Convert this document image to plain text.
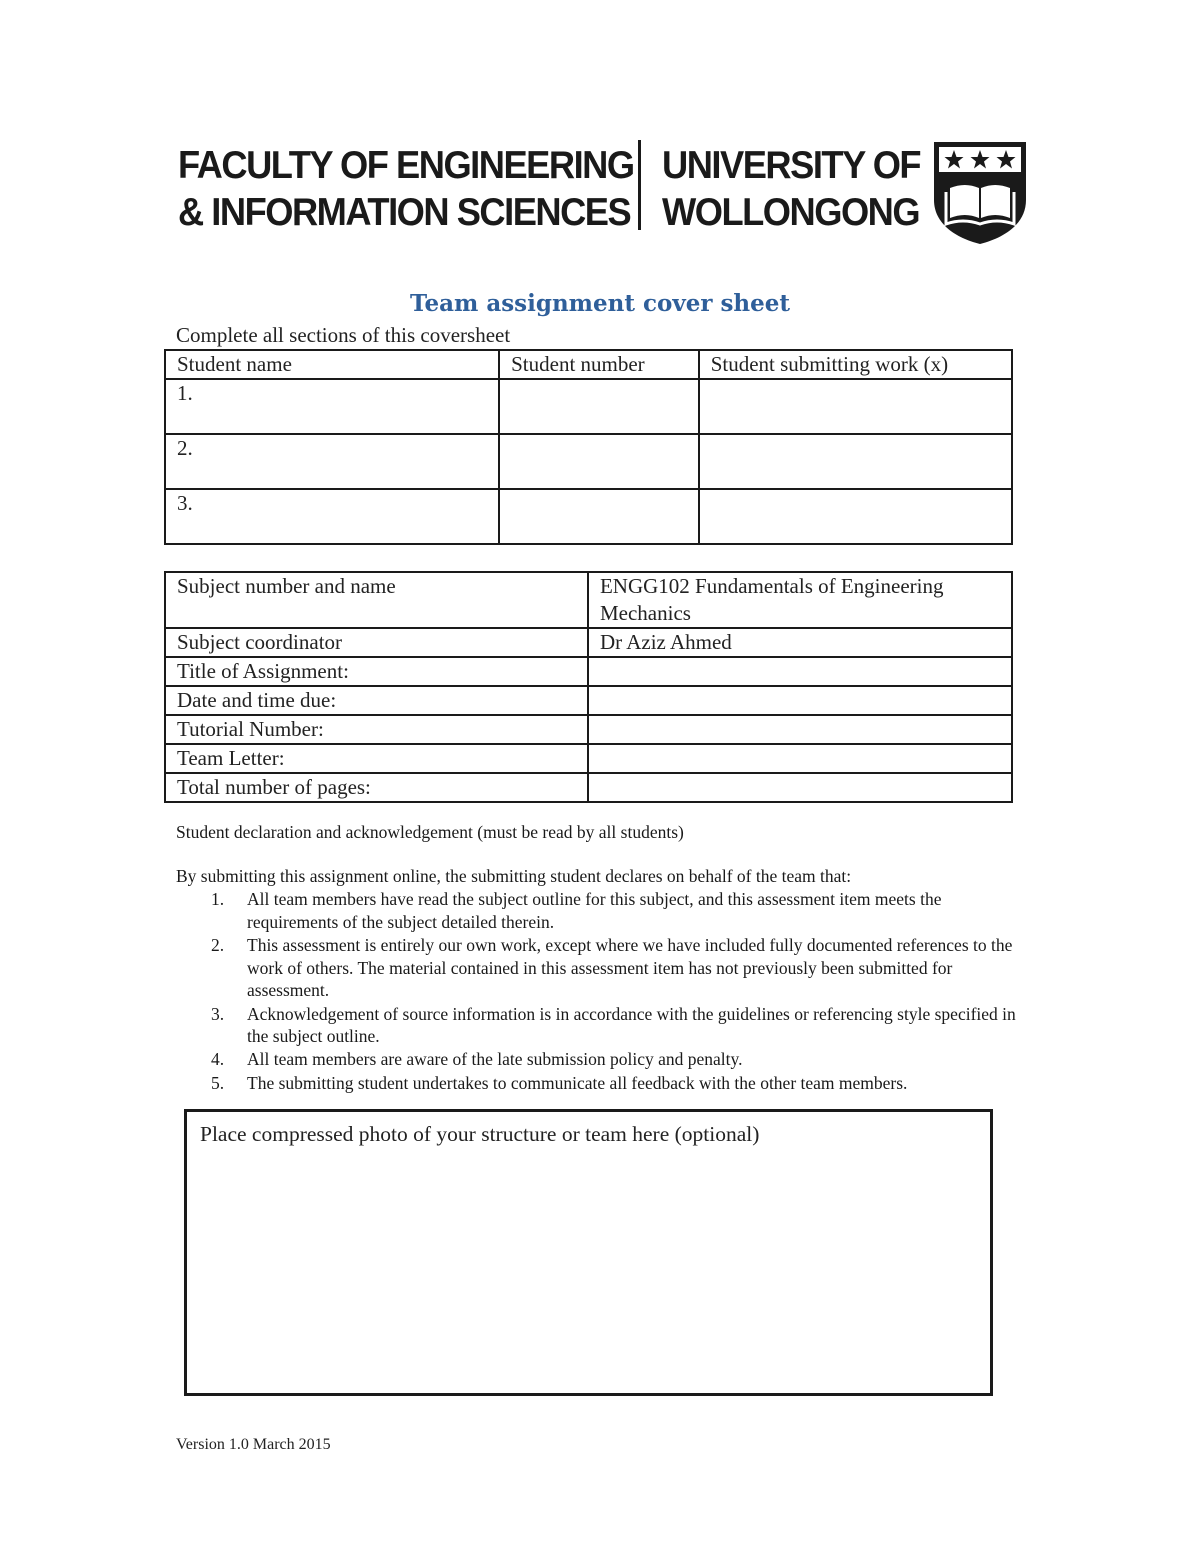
FACULTY OF ENGINEERING
& INFORMATION SCIENCES
UNIVERSITY OF
WOLLONGONG
Team assignment cover sheet
Complete all sections of this coversheet
Student name	Student number	Student submitting work (x)
1.		
2.		
3.		
Subject number and name	ENGG102 Fundamentals of Engineering Mechanics
Subject coordinator	Dr Aziz Ahmed
Title of Assignment:	
Date and time due:	
Tutorial Number:	
Team Letter:	
Total number of pages:	
Student declaration and acknowledgement (must be read by all students)
By submitting this assignment online, the submitting student declares on behalf of the team that:
1. All team members have read the subject outline for this subject, and this assessment item meets the requirements of the subject detailed therein.
2. This assessment is entirely our own work, except where we have included fully documented references to the work of others. The material contained in this assessment item has not previously been submitted for assessment.
3. Acknowledgement of source information is in accordance with the guidelines or referencing style specified in the subject outline.
4. All team members are aware of the late submission policy and penalty.
5. The submitting student undertakes to communicate all feedback with the other team members.
Place compressed photo of your structure or team here (optional)
Version 1.0 March 2015
